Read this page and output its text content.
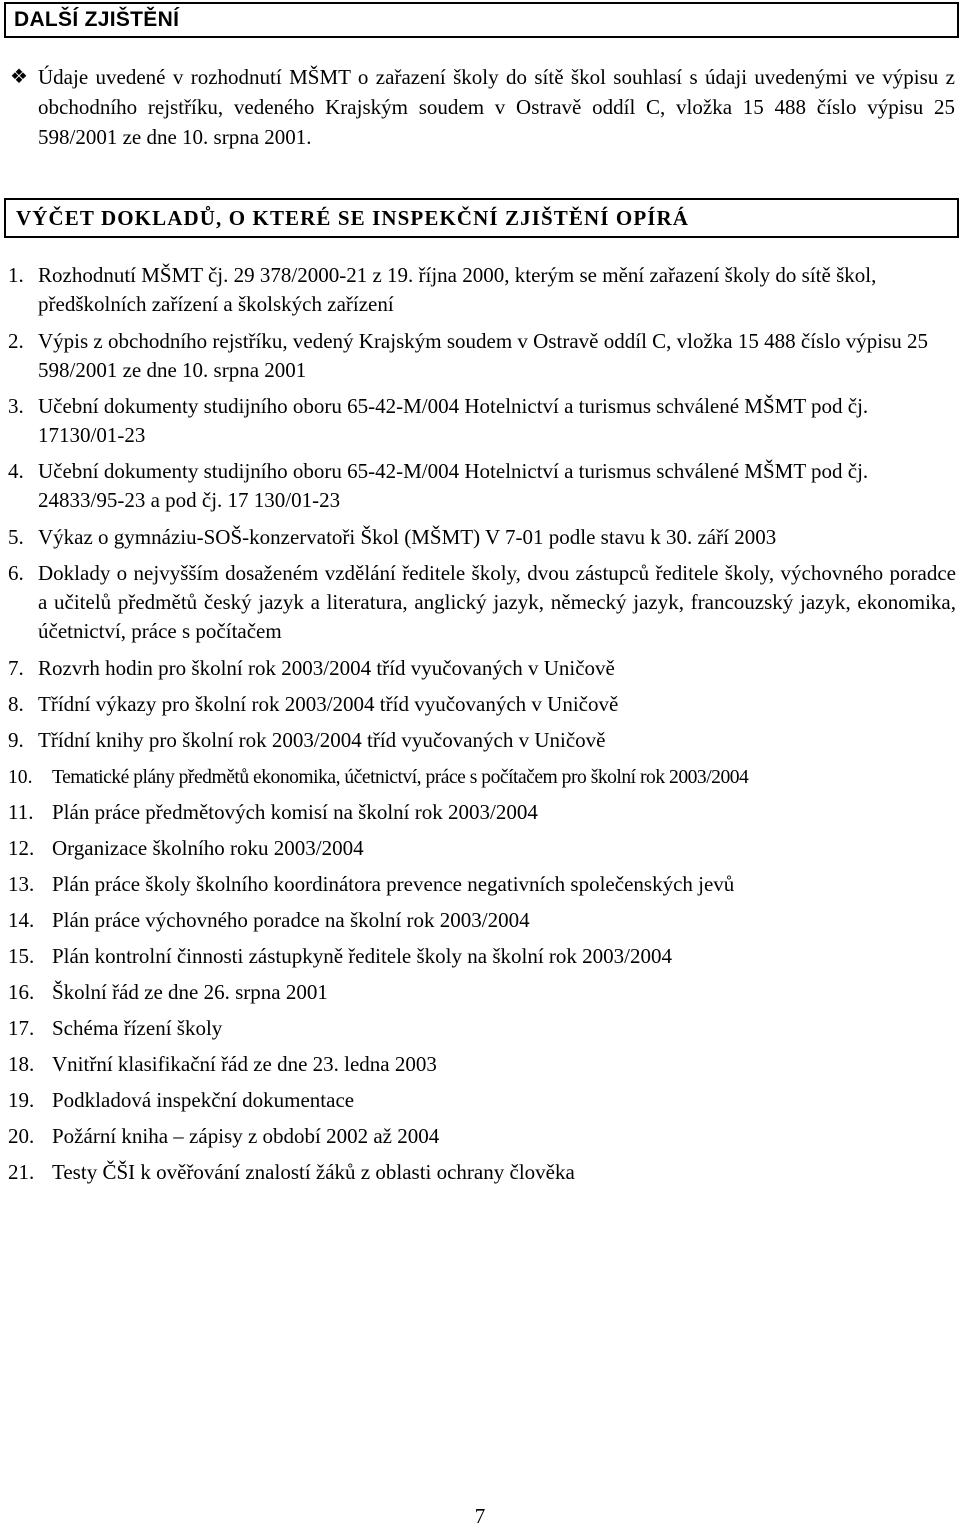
DALŠÍ ZJIŠTĚNÍ
❖ Údaje uvedené v rozhodnutí MŠMT o zařazení školy do sítě škol souhlasí s údaji uvedenými ve výpisu z obchodního rejstříku, vedeného Krajským soudem v Ostravě oddíl C, vložka 15 488 číslo výpisu 25 598/2001 ze dne 10. srpna 2001.
VÝČET DOKLADŮ, O KTERÉ SE INSPEKČNÍ ZJIŠTĚNÍ OPÍRÁ
1. Rozhodnutí MŠMT čj. 29 378/2000-21 z 19. října 2000, kterým se mění zařazení školy do sítě škol, předškolních zařízení a školských zařízení
2. Výpis z obchodního rejstříku, vedený Krajským soudem v Ostravě oddíl C, vložka 15 488 číslo výpisu 25 598/2001 ze dne 10. srpna 2001
3. Učební dokumenty studijního oboru 65-42-M/004 Hotelnictví a turismus schválené MŠMT pod čj. 17130/01-23
4. Učební dokumenty studijního oboru 65-42-M/004 Hotelnictví a turismus schválené MŠMT pod čj. 24833/95-23 a pod čj. 17 130/01-23
5. Výkaz o gymnáziu-SOŠ-konzervatoři Škol (MŠMT) V 7-01 podle stavu k 30. září 2003
6. Doklady o nejvyšším dosaženém vzdělání ředitele školy, dvou zástupců ředitele školy, výchovného poradce a učitelů předmětů český jazyk a literatura, anglický jazyk, německý jazyk, francouzský jazyk, ekonomika, účetnictví, práce s počítačem
7. Rozvrh hodin pro školní rok 2003/2004 tříd vyučovaných v Uničově
8. Třídní výkazy pro školní rok 2003/2004 tříd vyučovaných v Uničově
9. Třídní knihy pro školní rok 2003/2004 tříd vyučovaných v Uničově
10. Tematické plány předmětů ekonomika, účetnictví, práce s počítačem pro školní rok 2003/2004
11. Plán práce předmětových komisí na školní rok 2003/2004
12. Organizace školního roku 2003/2004
13. Plán práce školy školního koordinátora prevence negativních společenských jevů
14. Plán práce výchovného poradce na školní rok 2003/2004
15. Plán kontrolní činnosti zástupkyně ředitele školy na školní rok 2003/2004
16. Školní řád ze dne 26. srpna 2001
17. Schéma řízení školy
18. Vnitřní klasifikační řád ze dne 23. ledna 2003
19. Podkladová inspekční dokumentace
20. Požární kniha – zápisy z období 2002 až 2004
21. Testy ČŠI k ověřování znalostí žáků z oblasti ochrany člověka
7
